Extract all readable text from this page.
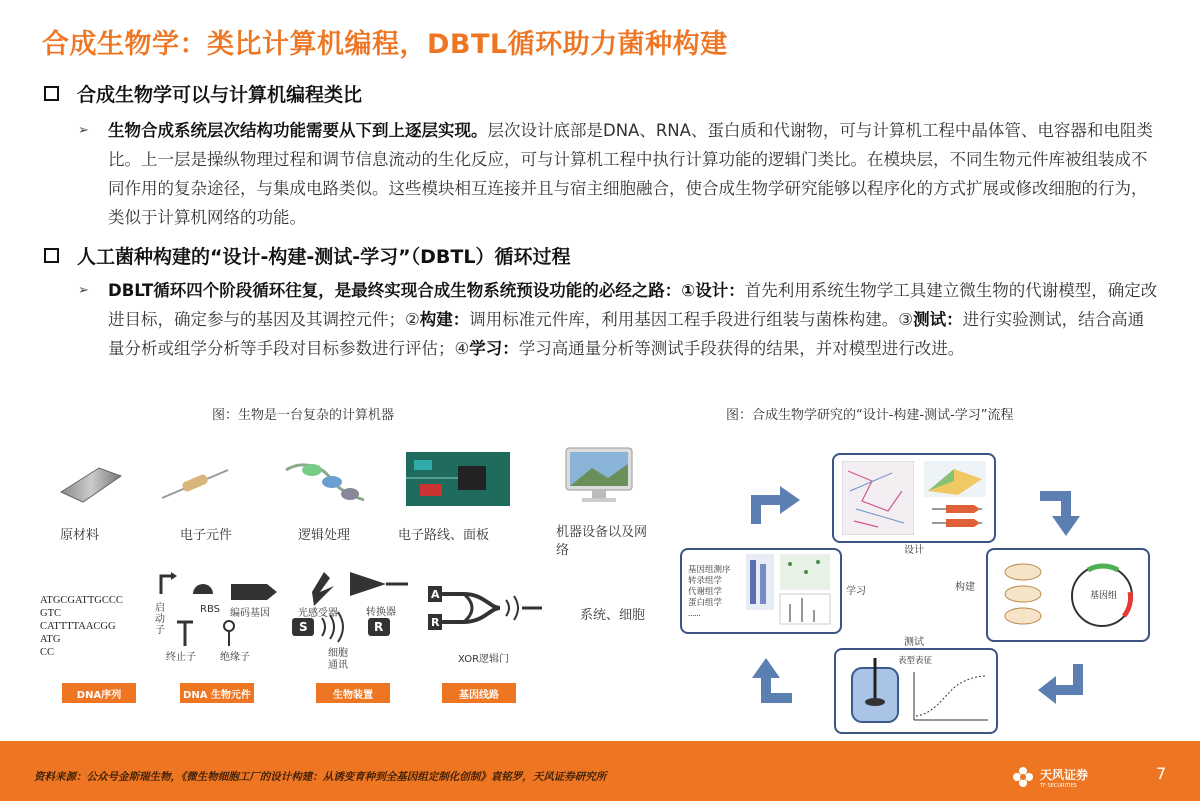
合成生物学：类比计算机编程，DBTL循环助力菌种构建
合成生物学可以与计算机编程类比
➢ 生物合成系统层次结构功能需要从下到上逐层实现。层次设计底部是DNA、RNA、蛋白质和代谢物，可与计算机工程中晶体管、电容器和电阻类比。上一层是操纵物理过程和调节信息流动的生化反应，可与计算机工程中执行计算功能的逻辑门类比。在模块层，不同生物元件库被组装成不同作用的复杂途径，与集成电路类似。这些模块相互连接并且与宿主细胞融合，使合成生物学研究能够以程序化的方式扩展或修改细胞的行为，类似于计算机网络的功能。
人工菌种构建的“设计-构建-测试-学习”（DBTL）循环过程
➢ DBLT循环四个阶段循环往复，是最终实现合成生物系统预设功能的必经之路：①设计：首先利用系统生物学工具建立微生物的代谢模型，确定改进目标，确定参与的基因及其调控元件；②构建：调用标准元件库，利用基因工程手段进行组装与菌株构建。③测试：进行实验测试，结合高通量分析或组学分析等手段对目标参数进行评估；④学习：学习高通量分析等测试手段获得的结果，并对模型进行改进。
图：生物是一台复杂的计算机器
原材料	电子元件	逻辑处理	电子路线、面板	机器设备以及网络
ATGCGATTGCCC
GTC
CATTTTAACGG
ATG
CC
启动子
RBS 编码基因
终止子 绝缘子
S	R
光感受器	转换器
细胞通讯
A
R
XOR逻辑门
系统、细胞
DNA序列	DNA 生物元件	生物装置	基因线路
图：合成生物学研究的“设计-构建-测试-学习”流程
设计
基因组测序
转录组学
代谢组学
蛋白组学
......
学习	基因组
构建
表型表征
测试
资料来源：公众号金斯瑞生物，《微生物细胞工厂的设计构建：从诱变育种到全基因组定制化创制》袁铭罗，天风证券研究所	天风证券
TF SECURITIES
7
